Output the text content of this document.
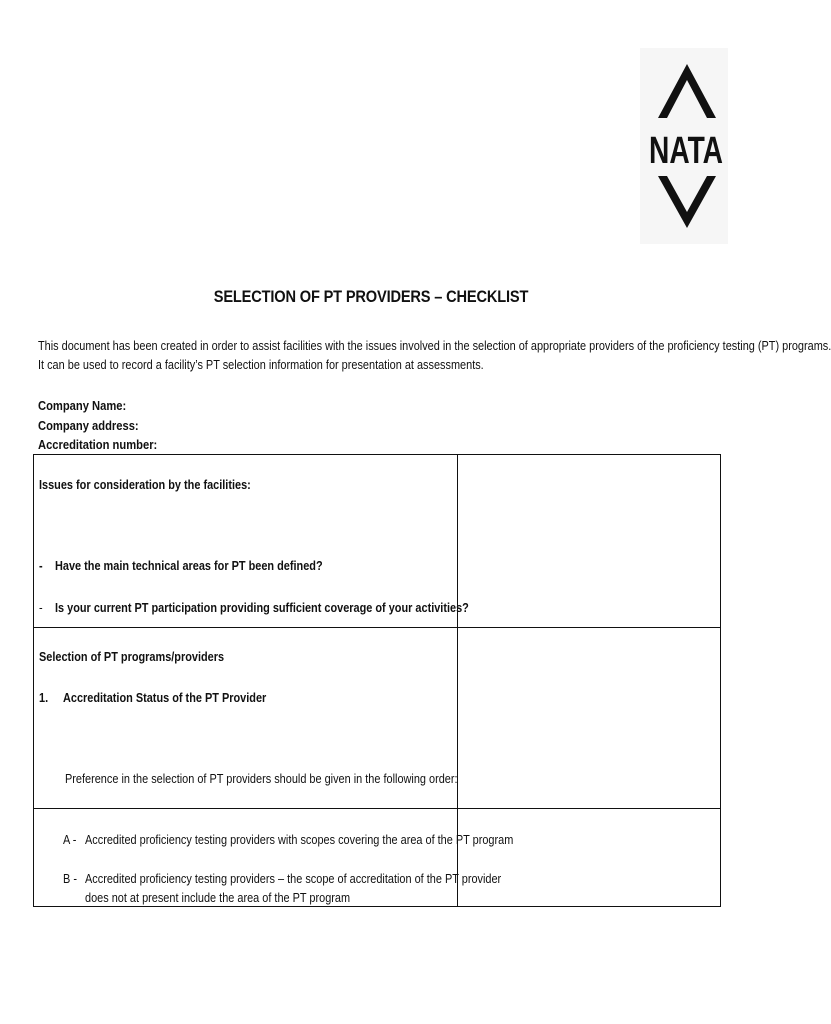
NATA
SELECTION OF PT PROVIDERS – CHECKLIST

This document has been created in order to assist facilities with the issues involved in the selection of appropriate providers of the proficiency testing (PT) programs.

It can be used to record a facility’s PT selection information for presentation at assessments.

Company Name:
Company address:
Accreditation number:
Issues for consideration by the facilities:
- Have the main technical areas for PT been defined?
- Is your current PT participation providing sufficient coverage of your activities?	

Selection of PT programs/providers
1. Accreditation Status of the PT Provider
Preference in the selection of PT providers should be given in the following order:	

A - Accredited proficiency testing providers with scopes covering the area of the PT program
B - Accredited proficiency testing providers – the scope of accreditation of the PT provider
does not at present include the area of the PT program	
